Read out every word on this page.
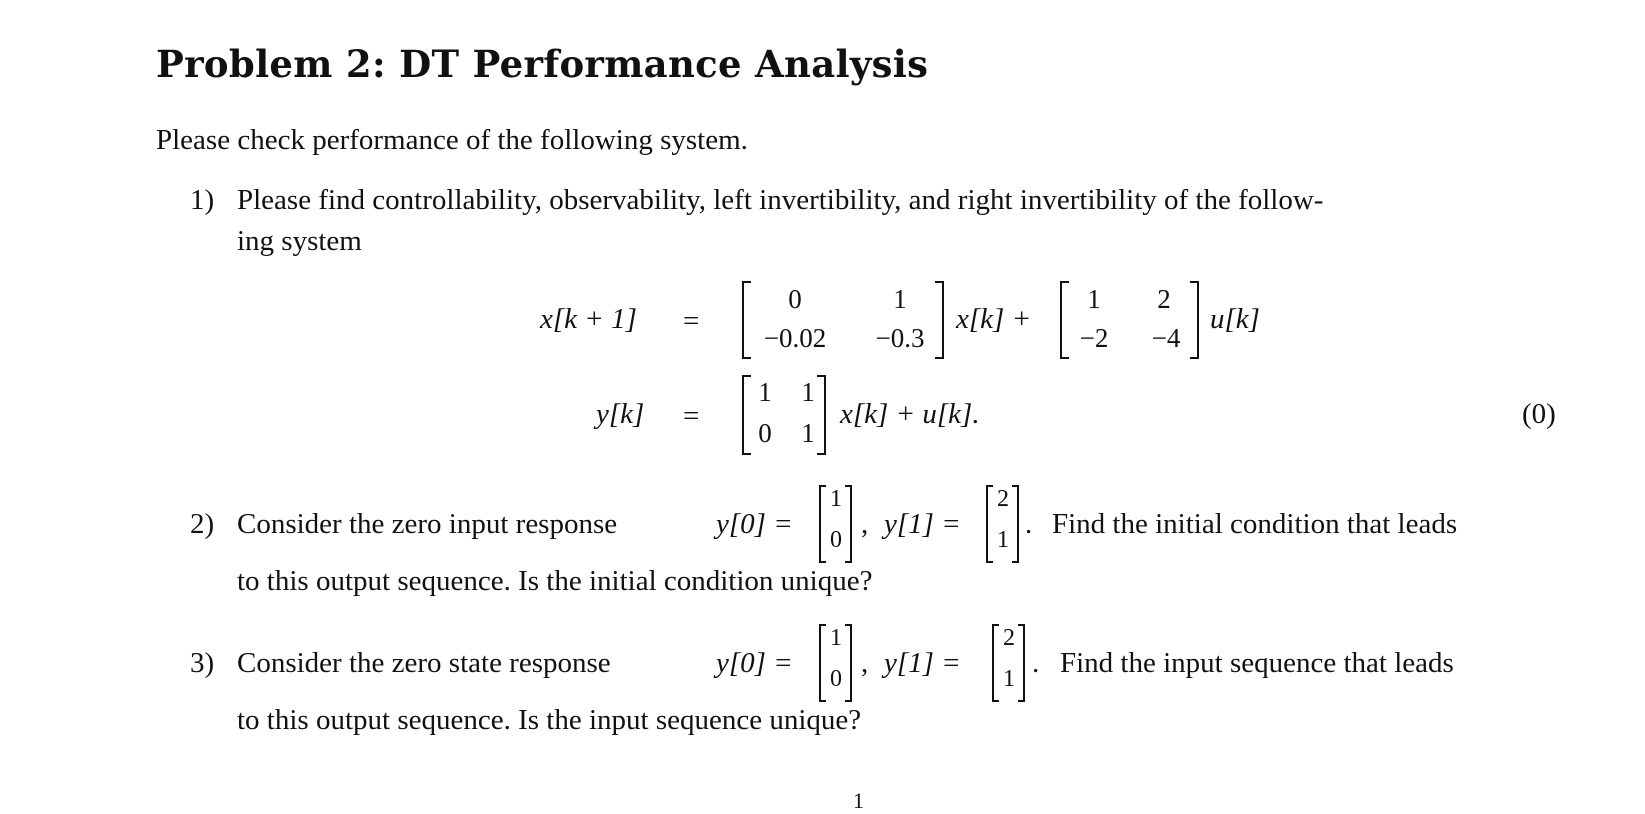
Problem 2: DT Performance Analysis
Please check performance of the following system.
1) Please find controllability, observability, left invertibility, and right invertibility of the follow-
ing system
x[k + 1] =
0	1
−0.02	−0.3
x[k] +
1	2
−2	−4
u[k]
y[k] =
1	1
0	1
x[k] + u[k].	(0)
2) Consider the zero input response	y[0] =
1
0 , y[1] =
2
1 . Find the initial condition that leads
to this output sequence. Is the initial condition unique?
3) Consider the zero state response	y[0] =
1
0 , y[1] =
2
1 . Find the input sequence that leads
to this output sequence. Is the input sequence unique?
1
